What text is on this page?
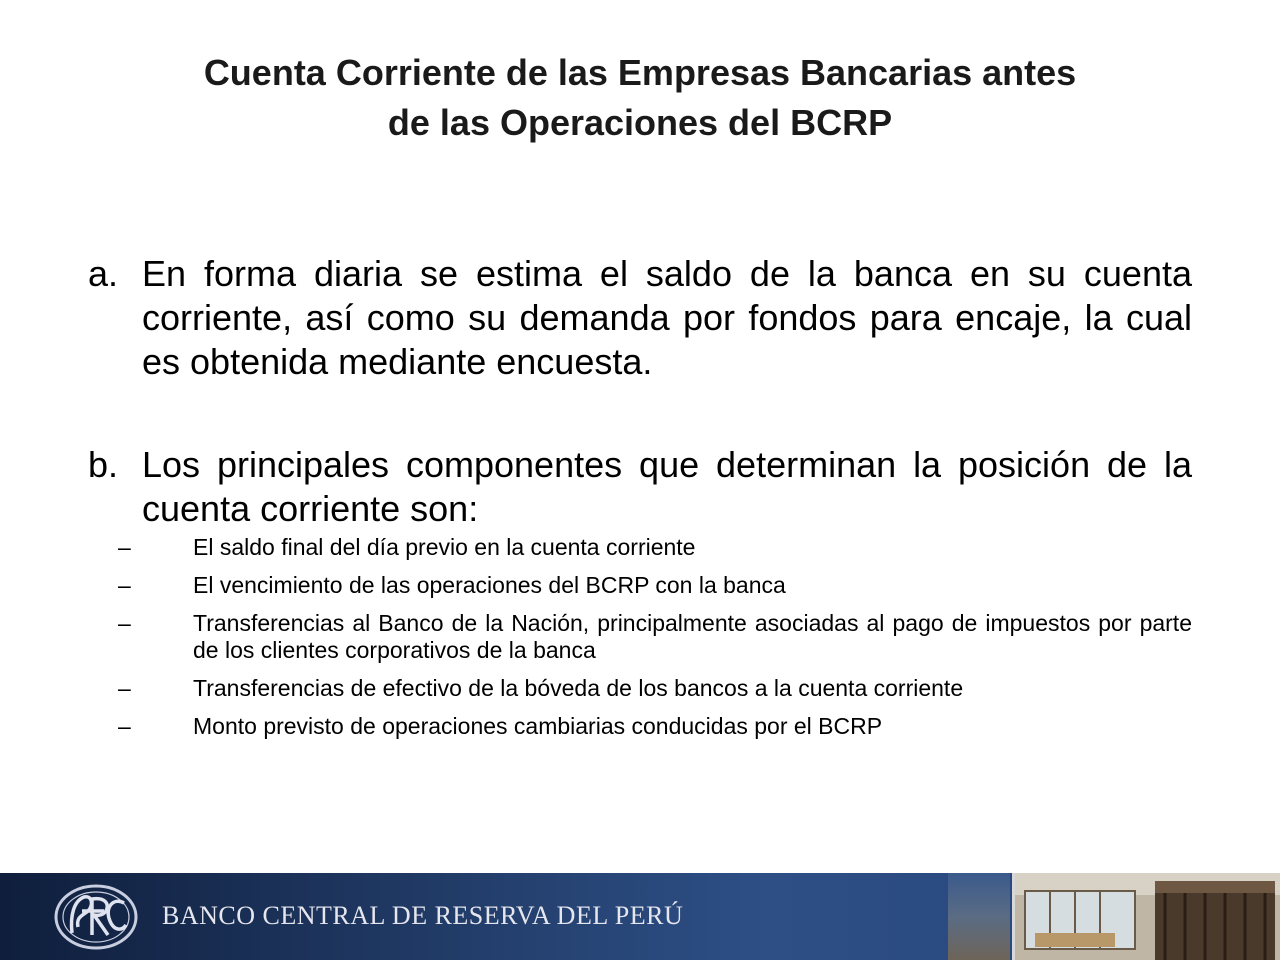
Cuenta Corriente de las Empresas Bancarias antes
de las Operaciones del BCRP
a. En forma diaria se estima el saldo de la banca en su cuenta corriente, así como su demanda por fondos para encaje, la cual es obtenida mediante encuesta.
b. Los principales componentes que determinan la posición de la cuenta corriente son:
–	El saldo final del día previo en la cuenta corriente
–	El vencimiento de las operaciones del BCRP con la banca
–	Transferencias al Banco de la Nación, principalmente asociadas al pago de impuestos por parte de los clientes corporativos de la banca
–	Transferencias de efectivo de la bóveda de los bancos a la cuenta corriente
–	Monto previsto de operaciones cambiarias conducidas por el BCRP
BANCO CENTRAL DE RESERVA DEL PERÚ
